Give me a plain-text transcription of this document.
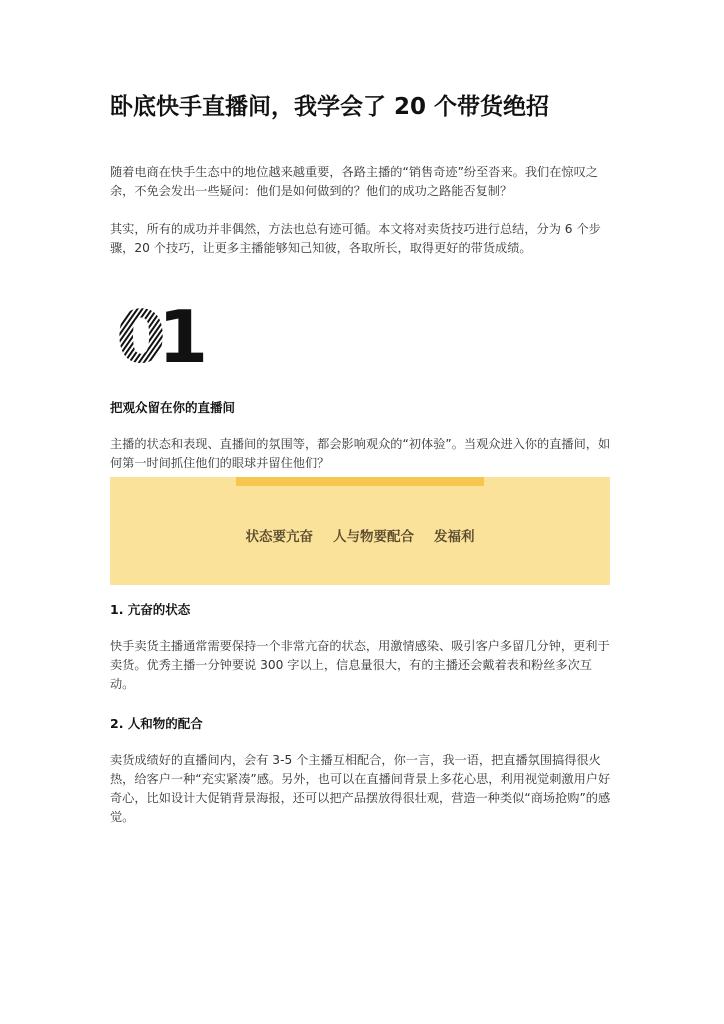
卧底快手直播间，我学会了 20 个带货绝招

随着电商在快手生态中的地位越来越重要，各路主播的“销售奇迹”纷至沓来。我们在惊叹之余，不免会发出一些疑问：他们是如何做到的？他们的成功之路能否复制？

其实，所有的成功并非偶然，方法也总有迹可循。本文将对卖货技巧进行总结，分为 6 个步骤，20 个技巧，让更多主播能够知己知彼，各取所长，取得更好的带货成绩。

0
1
把观众留在你的直播间

主播的状态和表现、直播间的氛围等，都会影响观众的“初体验”。当观众进入你的直播间，如何第一时间抓住他们的眼球并留住他们？

状态要亢奋 人与物要配合 发福利
1. 亢奋的状态

快手卖货主播通常需要保持一个非常亢奋的状态，用激情感染、吸引客户多留几分钟，更利于卖货。优秀主播一分钟要说 300 字以上，信息量很大，有的主播还会戴着表和粉丝多次互动。

2. 人和物的配合

卖货成绩好的直播间内，会有 3-5 个主播互相配合，你一言，我一语，把直播氛围搞得很火热，给客户一种“充实紧凑”感。另外，也可以在直播间背景上多花心思，利用视觉刺激用户好奇心，比如设计大促销背景海报，还可以把产品摆放得很壮观，营造一种类似“商场抢购”的感觉。
